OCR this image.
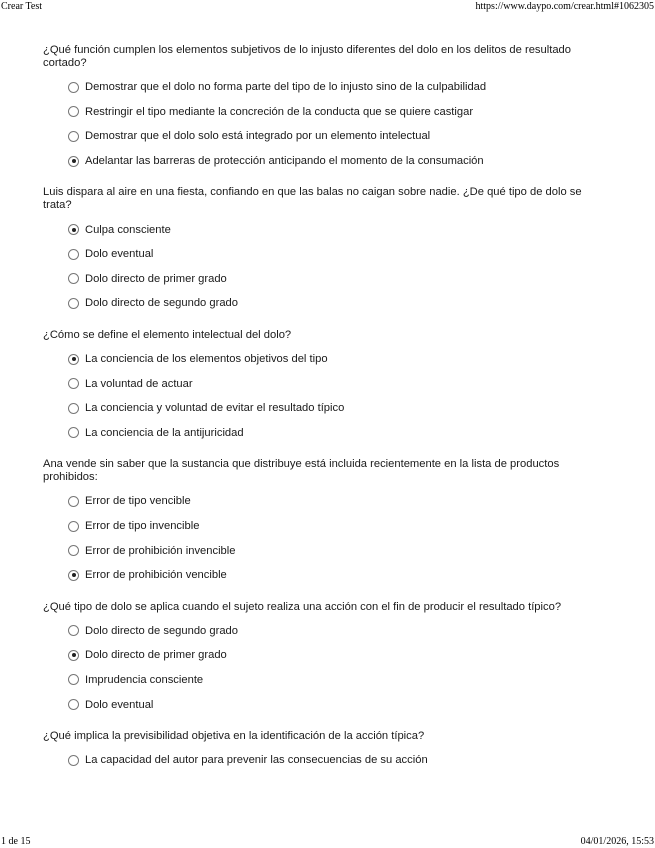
Crear Test	https://www.daypo.com/crear.html#1062305

¿Qué función cumplen los elementos subjetivos de lo injusto diferentes del dolo en los delitos de resultado cortado?

Demostrar que el dolo no forma parte del tipo de lo injusto sino de la culpabilidad
Restringir el tipo mediante la concreción de la conducta que se quiere castigar
Demostrar que el dolo solo está integrado por un elemento intelectual
Adelantar las barreras de protección anticipando el momento de la consumación

Luis dispara al aire en una fiesta, confiando en que las balas no caigan sobre nadie. ¿De qué tipo de dolo se trata?

Culpa consciente
Dolo eventual
Dolo directo de primer grado
Dolo directo de segundo grado

¿Cómo se define el elemento intelectual del dolo?

La conciencia de los elementos objetivos del tipo
La voluntad de actuar
La conciencia y voluntad de evitar el resultado típico
La conciencia de la antijuricidad

Ana vende sin saber que la sustancia que distribuye está incluida recientemente en la lista de productos prohibidos:

Error de tipo vencible
Error de tipo invencible
Error de prohibición invencible
Error de prohibición vencible

¿Qué tipo de dolo se aplica cuando el sujeto realiza una acción con el fin de producir el resultado típico?

Dolo directo de segundo grado
Dolo directo de primer grado
Imprudencia consciente
Dolo eventual

¿Qué implica la previsibilidad objetiva en la identificación de la acción típica?

La capacidad del autor para prevenir las consecuencias de su acción
1 de 15	04/01/2026, 15:53
